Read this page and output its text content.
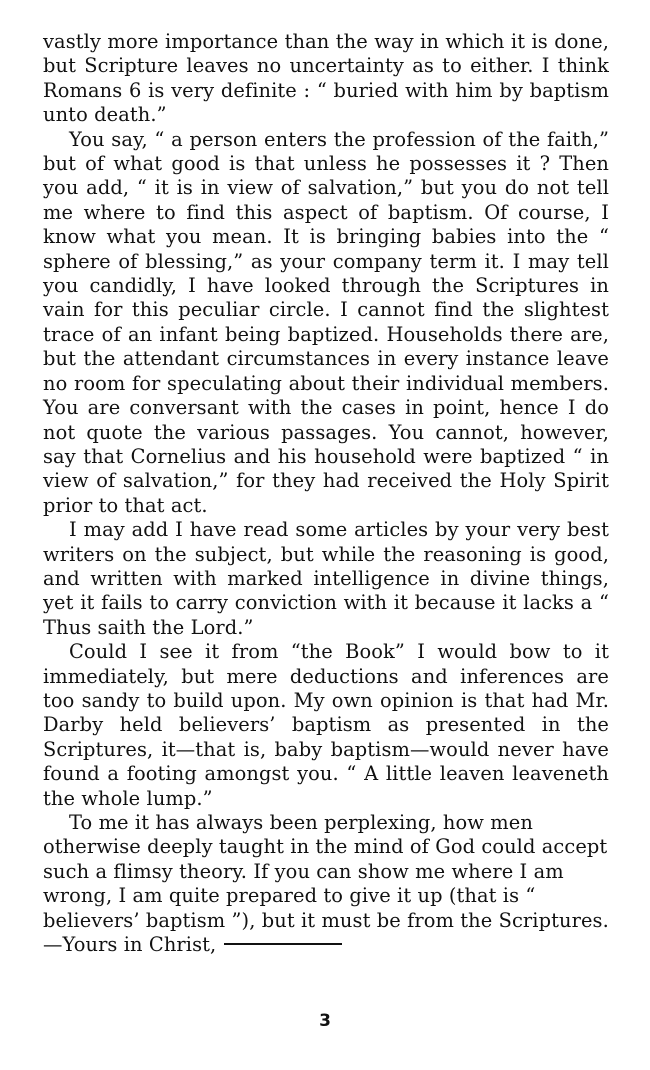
vastly more importance than the way in which it is done, but Scripture leaves no uncertainty as to either. I think Romans 6 is very definite : “ buried with him by baptism unto death.”

You say, “ a person enters the profession of the faith,” but of what good is that unless he possesses it ? Then you add, “ it is in view of salvation,” but you do not tell me where to find this aspect of baptism. Of course, I know what you mean. It is bringing babies into the “ sphere of blessing,” as your company term it. I may tell you candidly, I have looked through the Scriptures in vain for this peculiar circle. I cannot find the slightest trace of an infant being baptized. Households there are, but the attendant circumstances in every instance leave no room for speculating about their individual members. You are conversant with the cases in point, hence I do not quote the various passages. You cannot, however, say that Cornelius and his household were baptized “ in view of salvation,” for they had received the Holy Spirit prior to that act.

I may add I have read some articles by your very best writers on the subject, but while the reasoning is good, and written with marked intelligence in divine things, yet it fails to carry conviction with it because it lacks a “ Thus saith the Lord.”

Could I see it from “the Book” I would bow to it immediately, but mere deductions and inferences are too sandy to build upon. My own opinion is that had Mr. Darby held believers’ baptism as presented in the Scriptures, it—that is, baby baptism—would never have found a footing amongst you. “ A little leaven leaveneth the whole lump.”

To me it has always been perplexing, how men otherwise deeply taught in the mind of God could accept such a flimsy theory. If you can show me where I am wrong, I am quite prepared to give it up (that is “ believers’ baptism ”), but it must be from the Scriptures.—Yours in Christ,

3
